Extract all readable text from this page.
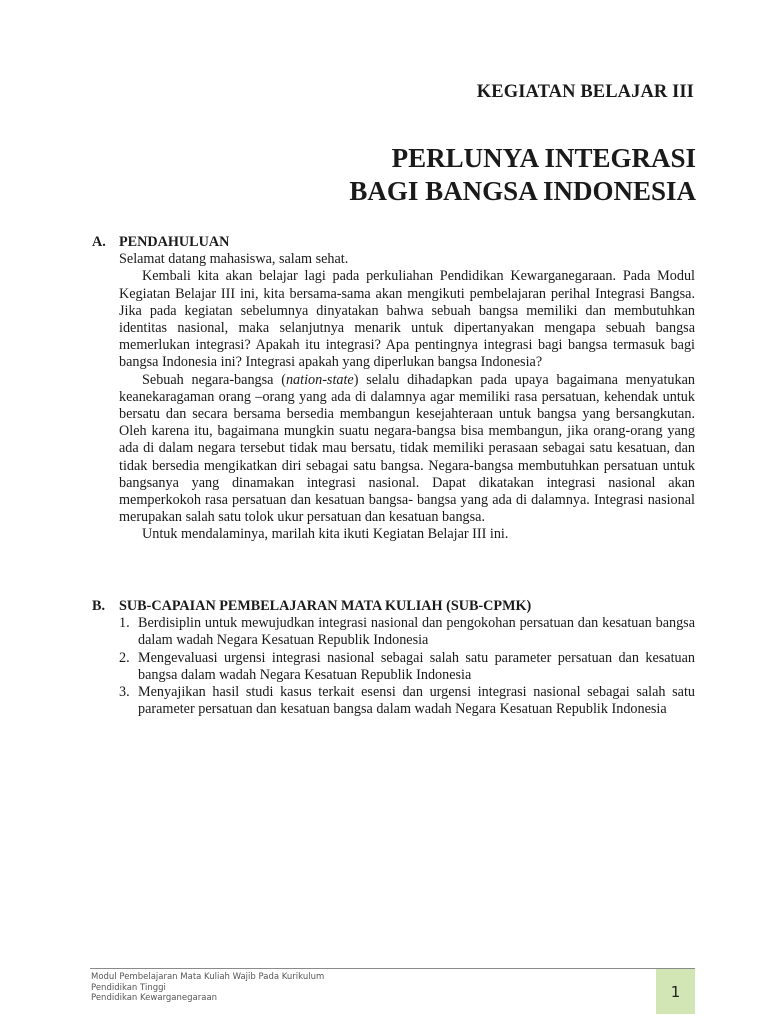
KEGIATAN BELAJAR III
PERLUNYA INTEGRASI
BAGI BANGSA INDONESIA
A. PENDAHULUAN

Selamat datang mahasiswa, salam sehat.

Kembali kita akan belajar lagi pada perkuliahan Pendidikan Kewarganegaraan. Pada Modul Kegiatan Belajar III ini, kita bersama-sama akan mengikuti pembelajaran perihal Integrasi Bangsa. Jika pada kegiatan sebelumnya dinyatakan bahwa sebuah bangsa memiliki dan membutuhkan identitas nasional, maka selanjutnya menarik untuk dipertanyakan mengapa sebuah bangsa memerlukan integrasi? Apakah itu integrasi? Apa pentingnya integrasi bagi bangsa termasuk bagi bangsa Indonesia ini? Integrasi apakah yang diperlukan bangsa Indonesia?

Sebuah negara-bangsa (nation-state) selalu dihadapkan pada upaya bagaimana menyatukan keanekaragaman orang –orang yang ada di dalamnya agar memiliki rasa persatuan, kehendak untuk bersatu dan secara bersama bersedia membangun kesejahteraan untuk bangsa yang bersangkutan. Oleh karena itu, bagaimana mungkin suatu negara-bangsa bisa membangun, jika orang-orang yang ada di dalam negara tersebut tidak mau bersatu, tidak memiliki perasaan sebagai satu kesatuan, dan tidak bersedia mengikatkan diri sebagai satu bangsa. Negara-bangsa membutuhkan persatuan untuk bangsanya yang dinamakan integrasi nasional. Dapat dikatakan integrasi nasional akan memperkokoh rasa persatuan dan kesatuan bangsa- bangsa yang ada di dalamnya. Integrasi nasional merupakan salah satu tolok ukur persatuan dan kesatuan bangsa.

Untuk mendalaminya, marilah kita ikuti Kegiatan Belajar III ini.

B. SUB-CAPAIAN PEMBELAJARAN MATA KULIAH (SUB-CPMK)
1. Berdisiplin untuk mewujudkan integrasi nasional dan pengokohan persatuan dan kesatuan bangsa dalam wadah Negara Kesatuan Republik Indonesia
2. Mengevaluasi urgensi integrasi nasional sebagai salah satu parameter persatuan dan kesatuan bangsa dalam wadah Negara Kesatuan Republik Indonesia
3. Menyajikan hasil studi kasus terkait esensi dan urgensi integrasi nasional sebagai salah satu parameter persatuan dan kesatuan bangsa dalam wadah Negara Kesatuan Republik Indonesia
Modul Pembelajaran Mata Kuliah Wajib Pada Kurikulum
Pendidikan Tinggi
Pendidikan Kewarganegaraan	1
